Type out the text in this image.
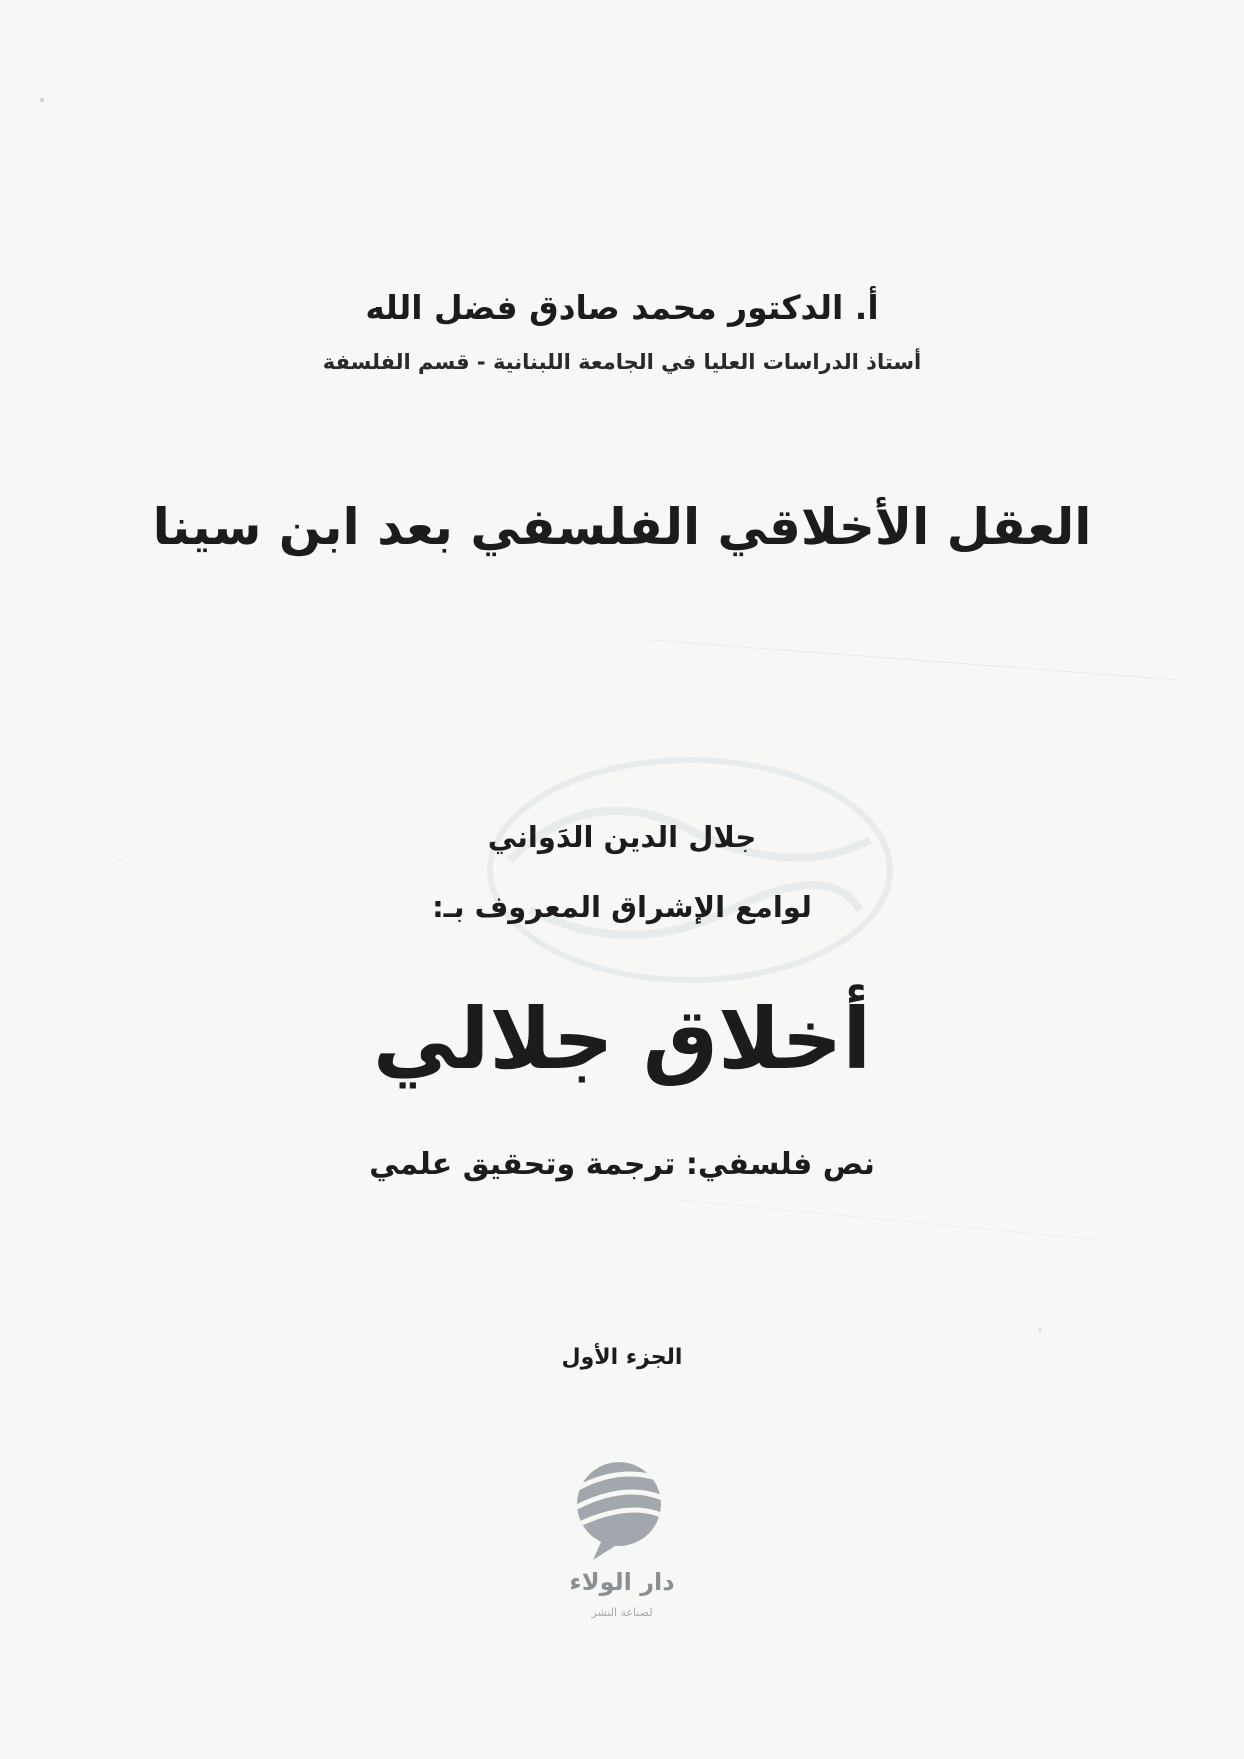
أ. الدكتور محمد صادق فضل الله
أستاذ الدراسات العليا في الجامعة اللبنانية - قسم الفلسفة
العقل الأخلاقي الفلسفي بعد ابن سينا
جلال الدين الدَواني
لوامع الإشراق المعروف بـ:
أخلاق جلالي
نص فلسفي: ترجمة وتحقيق علمي
الجزء الأول
دار الولاء
لصناعة النشر
